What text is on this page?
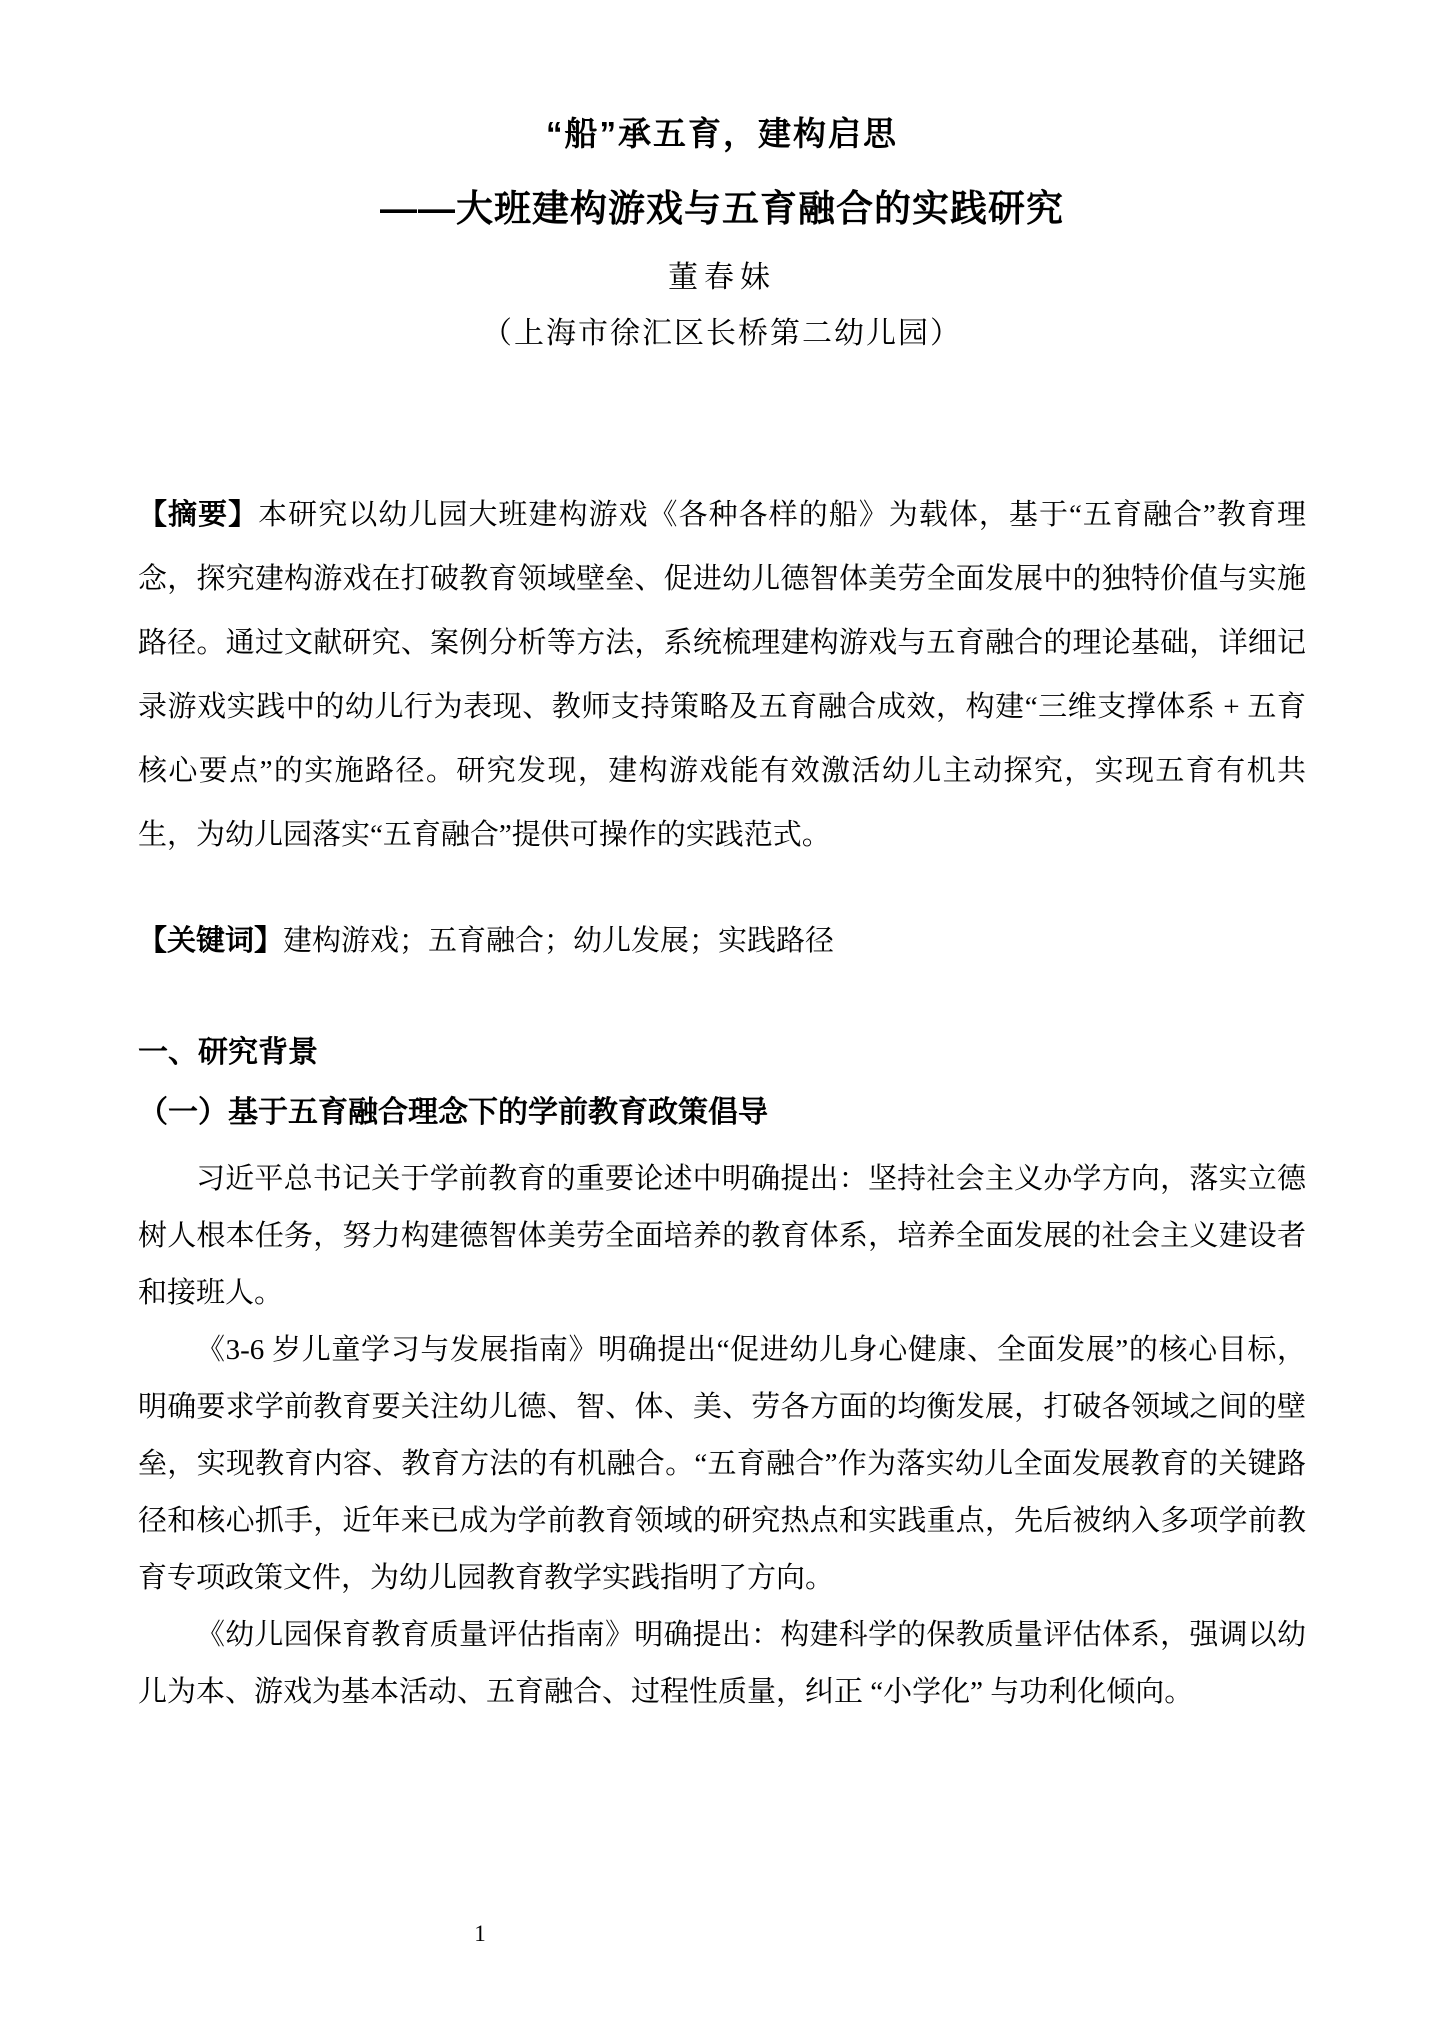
“船”承五育，建构启思
——大班建构游戏与五育融合的实践研究
董春妹
（上海市徐汇区长桥第二幼儿园）

【摘要】本研究以幼儿园大班建构游戏《各种各样的船》为载体，基于“五育融合”教育理念，探究建构游戏在打破教育领域壁垒、促进幼儿德智体美劳全面发展中的独特价值与实施路径。通过文献研究、案例分析等方法，系统梳理建构游戏与五育融合的理论基础，详细记录游戏实践中的幼儿行为表现、教师支持策略及五育融合成效，构建“三维支撑体系 + 五育核心要点”的实施路径。研究发现，建构游戏能有效激活幼儿主动探究，实现五育有机共生，为幼儿园落实“五育融合”提供可操作的实践范式。

【关键词】建构游戏；五育融合；幼儿发展；实践路径

一、研究背景
（一）基于五育融合理念下的学前教育政策倡导

习近平总书记关于学前教育的重要论述中明确提出：坚持社会主义办学方向，落实立德树人根本任务，努力构建德智体美劳全面培养的教育体系，培养全面发展的社会主义建设者和接班人。

《3-6 岁儿童学习与发展指南》明确提出“促进幼儿身心健康、全面发展”的核心目标，明确要求学前教育要关注幼儿德、智、体、美、劳各方面的均衡发展，打破各领域之间的壁垒，实现教育内容、教育方法的有机融合。“五育融合”作为落实幼儿全面发展教育的关键路径和核心抓手，近年来已成为学前教育领域的研究热点和实践重点，先后被纳入多项学前教育专项政策文件，为幼儿园教育教学实践指明了方向。

《幼儿园保育教育质量评估指南》明确提出：构建科学的保教质量评估体系，强调以幼儿为本、游戏为基本活动、五育融合、过程性质量，纠正 “小学化” 与功利化倾向。

1
